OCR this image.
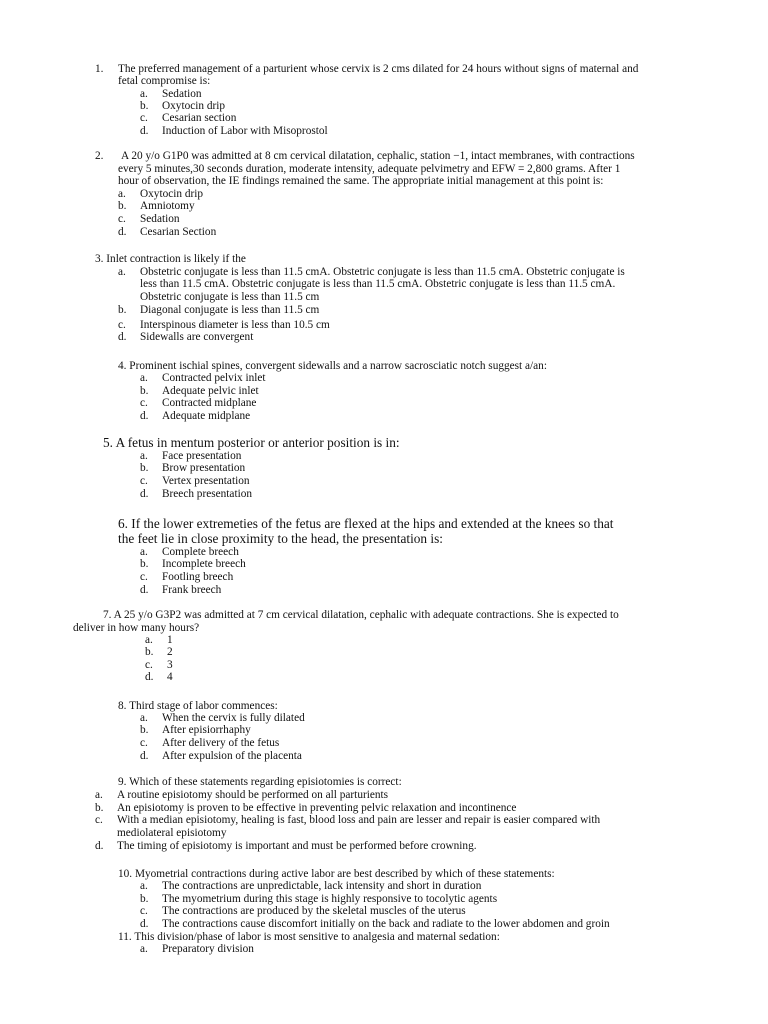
1. The preferred management of a parturient whose cervix is 2 cms dilated for 24 hours without signs of maternal and
fetal compromise is:
a. Sedation
b. Oxytocin drip
c. Cesarian section
d. Induction of Labor with Misoprostol
2. A 20 y/o G1P0 was admitted at 8 cm cervical dilatation, cephalic, station −1, intact membranes, with contractions
every 5 minutes,30 seconds duration, moderate intensity, adequate pelvimetry and EFW = 2,800 grams. After 1
hour of observation, the IE findings remained the same. The appropriate initial management at this point is:
a. Oxytocin drip
b. Amniotomy
c. Sedation
d. Cesarian Section
3. Inlet contraction is likely if the
a. Obstetric conjugate is less than 11.5 cmA. Obstetric conjugate is less than 11.5 cmA. Obstetric conjugate is
less than 11.5 cmA. Obstetric conjugate is less than 11.5 cmA. Obstetric conjugate is less than 11.5 cmA.
Obstetric conjugate is less than 11.5 cm
b. Diagonal conjugate is less than 11.5 cm
c. Interspinous diameter is less than 10.5 cm
d. Sidewalls are convergent
4. Prominent ischial spines, convergent sidewalls and a narrow sacrosciatic notch suggest a/an:
a. Contracted pelvix inlet
b. Adequate pelvic inlet
c. Contracted midplane
d. Adequate midplane
5. A fetus in mentum posterior or anterior position is in:
a. Face presentation
b. Brow presentation
c. Vertex presentation
d. Breech presentation
6. If the lower extremeties of the fetus are flexed at the hips and extended at the knees so that
the feet lie in close proximity to the head, the presentation is:
a. Complete breech
b. Incomplete breech
c. Footling breech
d. Frank breech
7. A 25 y/o G3P2 was admitted at 7 cm cervical dilatation, cephalic with adequate contractions. She is expected to
deliver in how many hours?
a. 1
b. 2
c. 3
d. 4
8. Third stage of labor commences:
a. When the cervix is fully dilated
b. After episiorrhaphy
c. After delivery of the fetus
d. After expulsion of the placenta
9. Which of these statements regarding episiotomies is correct:
a. A routine episiotomy should be performed on all parturients
b. An episiotomy is proven to be effective in preventing pelvic relaxation and incontinence
c. With a median episiotomy, healing is fast, blood loss and pain are lesser and repair is easier compared with
mediolateral episiotomy
d. The timing of episiotomy is important and must be performed before crowning.
10. Myometrial contractions during active labor are best described by which of these statements:
a. The contractions are unpredictable, lack intensity and short in duration
b. The myometrium during this stage is highly responsive to tocolytic agents
c. The contractions are produced by the skeletal muscles of the uterus
d. The contractions cause discomfort initially on the back and radiate to the lower abdomen and groin
11. This division/phase of labor is most sensitive to analgesia and maternal sedation:
a. Preparatory division
